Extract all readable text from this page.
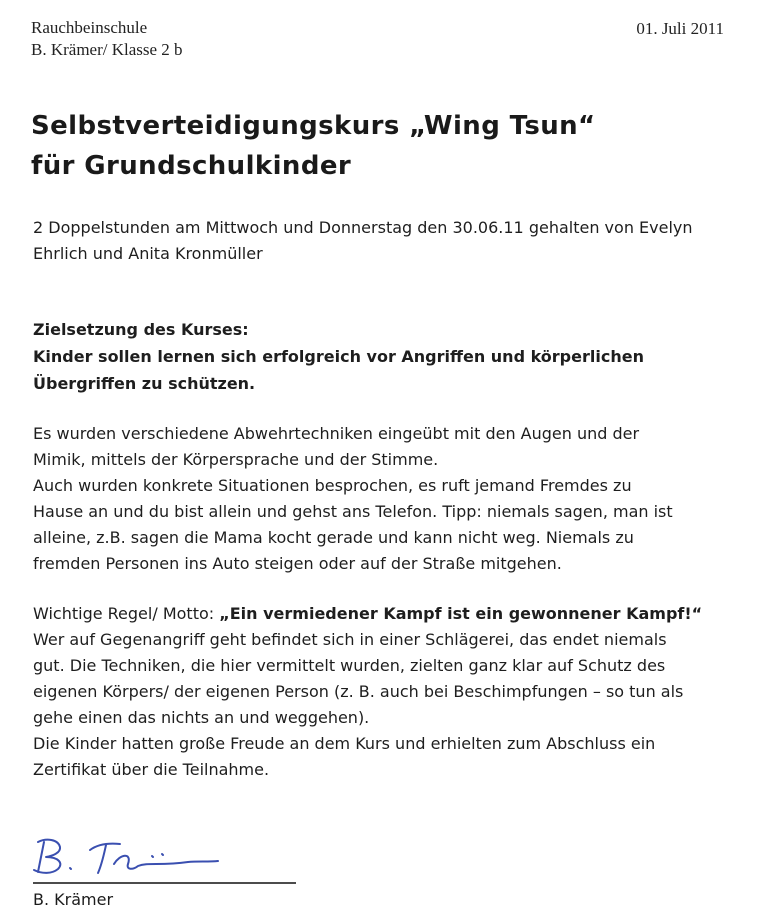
Rauchbeinschule
B. Krämer/ Klasse 2 b
01. Juli 2011
Selbstverteidigungskurs „Wing Tsun“
für Grundschulkinder

2 Doppelstunden am Mittwoch und Donnerstag den 30.06.11 gehalten von Evelyn
Ehrlich und Anita Kronmüller

Zielsetzung des Kurses:
Kinder sollen lernen sich erfolgreich vor Angriffen und körperlichen
Übergriffen zu schützen.

Es wurden verschiedene Abwehrtechniken eingeübt mit den Augen und der
Mimik, mittels der Körpersprache und der Stimme.
Auch wurden konkrete Situationen besprochen, es ruft jemand Fremdes zu
Hause an und du bist allein und gehst ans Telefon. Tipp: niemals sagen, man ist
alleine, z.B. sagen die Mama kocht gerade und kann nicht weg. Niemals zu
fremden Personen ins Auto steigen oder auf der Straße mitgehen.

Wichtige Regel/ Motto: „Ein vermiedener Kampf ist ein gewonnener Kampf!“
Wer auf Gegenangriff geht befindet sich in einer Schlägerei, das endet niemals
gut. Die Techniken, die hier vermittelt wurden, zielten ganz klar auf Schutz des
eigenen Körpers/ der eigenen Person (z. B. auch bei Beschimpfungen – so tun als
gehe einen das nichts an und weggehen).
Die Kinder hatten große Freude an dem Kurs und erhielten zum Abschluss ein
Zertifikat über die Teilnahme.

B. Krämer
